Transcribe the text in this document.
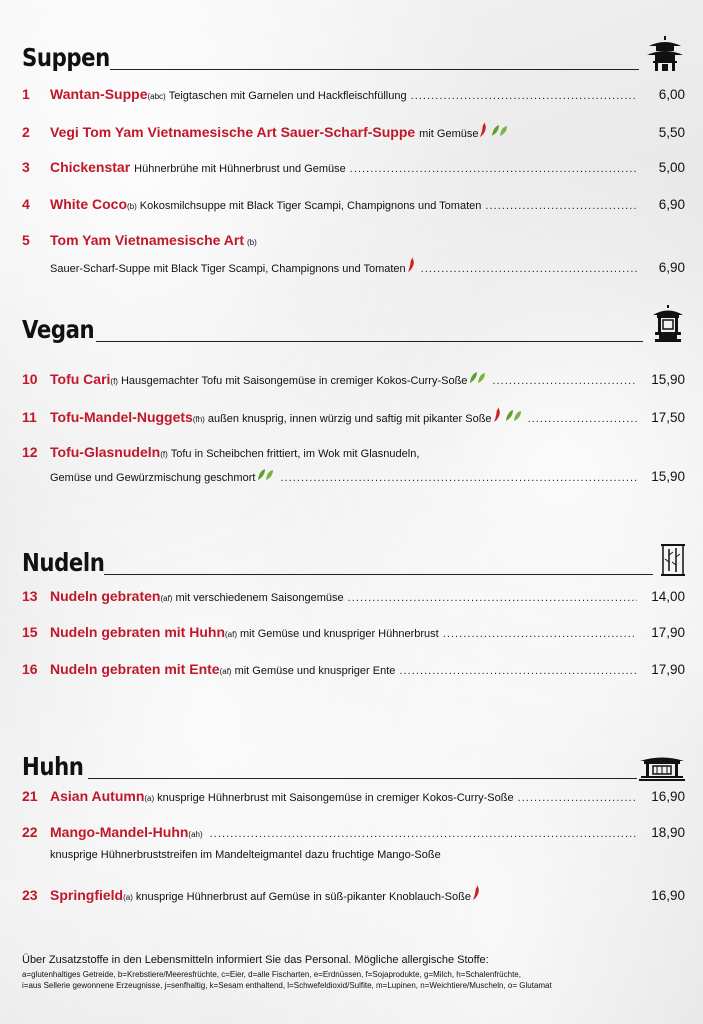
Suppen
1	Wantan-Suppe (abc) Teigtaschen mit Garnelen und Hackfleischfüllung . . .	6,00
2	Vegi Tom Yam Vietnamesische Art Sauer-Scharf-Suppe mit Gemüse	5,50
3	Chickenstar Hühnerbrühe mit Hühnerbrust und Gemüse . . .	5,00
4	White Coco (b) Kokosmilchsuppe mit Black Tiger Scampi, Champignons und Tomaten . . .	6,90
5	Tom Yam Vietnamesische Art (b)
Sauer-Scharf-Suppe mit Black Tiger Scampi, Champignons und Tomaten . . .	6,90
Vegan
10 Tofu Cari (f) Hausgemachter Tofu mit Saisongemüse in cremiger Kokos-Curry-Soße . . .	15,90
11 Tofu-Mandel-Nuggets (fh) außen knusprig, innen würzig und saftig mit pikanter Soße . . .	17,50
12 Tofu-Glasnudeln (f) Tofu in Scheibchen frittiert, im Wok mit Glasnudeln,
Gemüse und Gewürzmischung geschmort . . .	15,90
Nudeln
13 Nudeln gebraten (af) mit verschiedenem Saisongemüse . . .	14,00
15 Nudeln gebraten mit Huhn (af) mit Gemüse und knuspriger Hühnerbrust . . .	17,90
16 Nudeln gebraten mit Ente (af) mit Gemüse und knuspriger Ente . . .	17,90
Huhn
21 Asian Autumn (a) knusprige Hühnerbrust mit Saisongemüse in cremiger Kokos-Curry-Soße . . .	16,90
22 Mango-Mandel-Huhn (ah) . . .	18,90
knusprige Hühnerbruststreifen im Mandelteigmantel dazu fruchtige Mango-Soße
23 Springfield (a) knusprige Hühnerbrust auf Gemüse in süß-pikanter Knoblauch-Soße	16,90
Über Zusatzstoffe in den Lebensmitteln informiert Sie das Personal. Mögliche allergische Stoffe:
a=glutenhaltiges Getreide, b=Krebstiere/Meeresfrüchte, c=Eier, d=alle Fischarten, e=Erdnüssen, f=Sojaprodukte, g=Milch, h=Schalenfrüchte,
i=aus Sellerie gewonnene Erzeugnisse, j=senfhaltig, k=Sesam enthaltend, l=Schwefeldioxid/Sulfite, m=Lupinen, n=Weichtiere/Muscheln, o= Glutamat
